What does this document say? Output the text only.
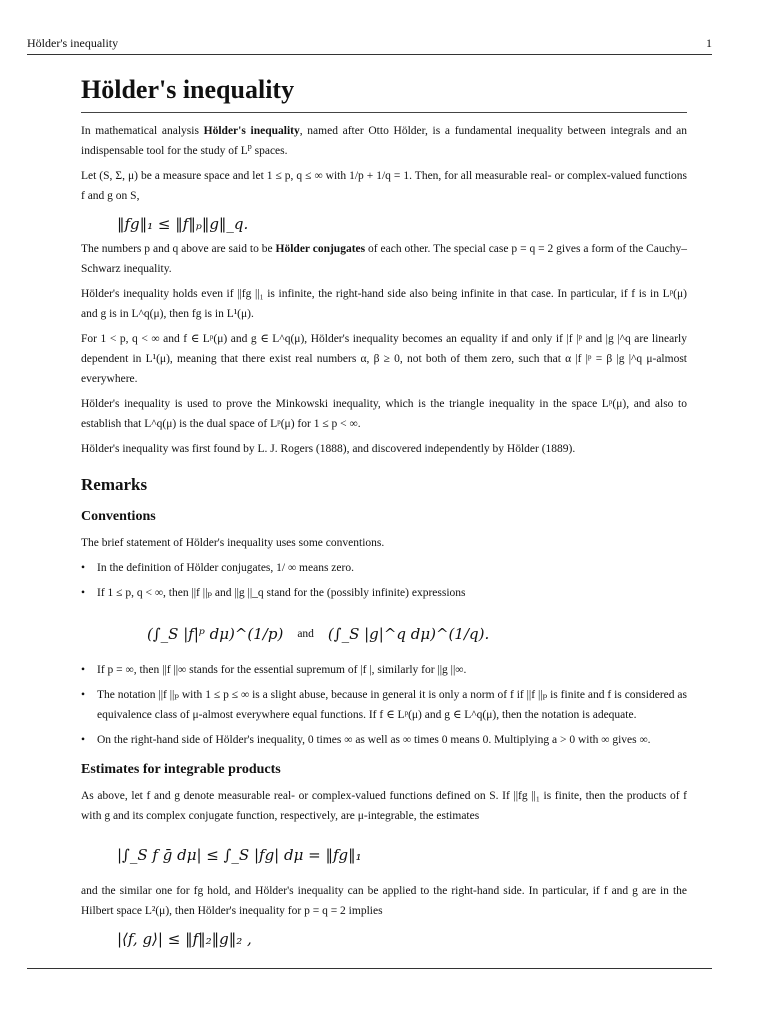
Hölder's inequality	1
Hölder's inequality

In mathematical analysis Hölder's inequality, named after Otto Hölder, is a fundamental inequality between integrals and an indispensable tool for the study of $L^p$ spaces.

Let (S, Σ, μ) be a measure space and let 1 ≤ p, q ≤ ∞ with 1/p + 1/q = 1. Then, for all measurable real- or complex-valued functions f and g on S,

‖fg‖₁ ≤ ‖f‖ₚ‖g‖_q.

The numbers p and q above are said to be Hölder conjugates of each other. The special case p = q = 2 gives a form of the Cauchy–Schwarz inequality.

Hölder's inequality holds even if ||fg ||₁ is infinite, the right-hand side also being infinite in that case. In particular, if f is in Lᵖ(μ) and g is in L^q(μ), then fg is in L¹(μ).

For 1 < p, q < ∞ and f ∈ Lᵖ(μ) and g ∈ L^q(μ), Hölder's inequality becomes an equality if and only if |f |ᵖ and |g |^q are linearly dependent in L¹(μ), meaning that there exist real numbers α, β ≥ 0, not both of them zero, such that α |f |ᵖ = β |g |^q μ-almost everywhere.

Hölder's inequality is used to prove the Minkowski inequality, which is the triangle inequality in the space Lᵖ(μ), and also to establish that L^q(μ) is the dual space of Lᵖ(μ) for 1 ≤ p < ∞.

Hölder's inequality was first found by L. J. Rogers (1888), and discovered independently by Hölder (1889).

Remarks
Conventions

The brief statement of Hölder's inequality uses some conventions.

• In the definition of Hölder conjugates, 1/ ∞ means zero.
• If 1 ≤ p, q < ∞, then ||f ||ₚ and ||g ||_q stand for the (possibly infinite) expressions
(∫_S |f|ᵖ dμ)^(1/p) and (∫_S |g|^q dμ)^(1/q).
• If p = ∞, then ||f ||∞ stands for the essential supremum of |f |, similarly for ||g ||∞.
• The notation ||f ||ₚ with 1 ≤ p ≤ ∞ is a slight abuse, because in general it is only a norm of f if ||f ||ₚ is finite and f is considered as equivalence class of μ-almost everywhere equal functions. If f ∈ Lᵖ(μ) and g ∈ L^q(μ), then the notation is adequate.
• On the right-hand side of Hölder's inequality, 0 times ∞ as well as ∞ times 0 means 0. Multiplying a > 0 with ∞ gives ∞.
Estimates for integrable products

As above, let f and g denote measurable real- or complex-valued functions defined on S. If ||fg ||₁ is finite, then the products of f with g and its complex conjugate function, respectively, are μ-integrable, the estimates

|∫_S f ḡ dμ| ≤ ∫_S |fg| dμ = ‖fg‖₁

and the similar one for fg hold, and Hölder's inequality can be applied to the right-hand side. In particular, if f and g are in the Hilbert space L²(μ), then Hölder's inequality for p = q = 2 implies

|⟨f, g⟩| ≤ ‖f‖₂‖g‖₂ ,
